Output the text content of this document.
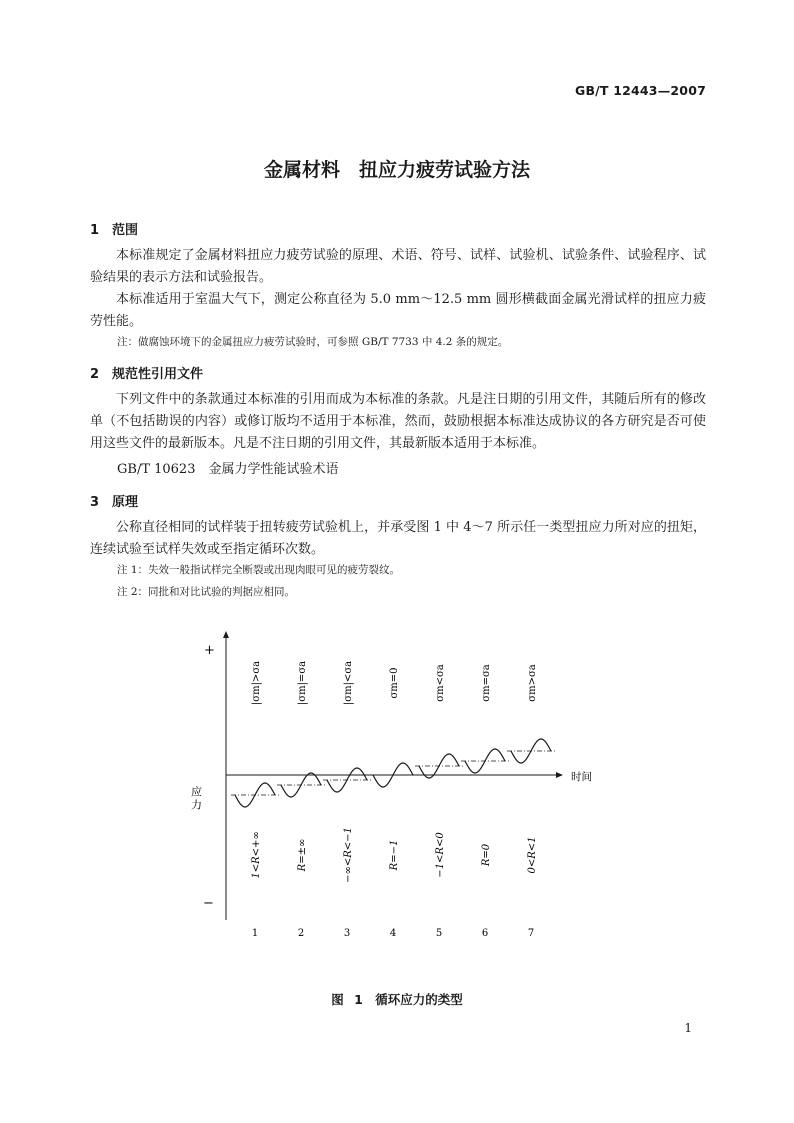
GB/T 12443—2007
金属材料　扭应力疲劳试验方法
1 范围
本标准规定了金属材料扭应力疲劳试验的原理、术语、符号、试样、试验机、试验条件、试验程序、试验结果的表示方法和试验报告。
本标准适用于室温大气下，测定公称直径为 5.0 mm～12.5 mm 圆形横截面金属光滑试样的扭应力疲劳性能。
注：做腐蚀环境下的金属扭应力疲劳试验时，可参照 GB/T 7733 中 4.2 条的规定。
2 规范性引用文件
下列文件中的条款通过本标准的引用而成为本标准的条款。凡是注日期的引用文件，其随后所有的修改单（不包括勘误的内容）或修订版均不适用于本标准，然而，鼓励根据本标准达成协议的各方研究是否可使用这些文件的最新版本。凡是不注日期的引用文件，其最新版本适用于本标准。
GB/T 10623　金属力学性能试验术语
3 原理
公称直径相同的试样装于扭转疲劳试验机上，并承受图 1 中 4～7 所示任一类型扭应力所对应的扭矩，连续试验至试样失效或至指定循环次数。
注 1：失效一般指试样完全断裂或出现肉眼可见的疲劳裂纹。
注 2：同批和对比试验的判据应相同。
+
−
应力
时间
|σm|>σa
1<R<+∞
1
|σm|=σa
R=±∞
2
|σm|<σa
−∞<R<−1
3
σm=0
R=−1
4
σm<σa
−1<R<0
5
σm=σa
R=0
6
σm>σa
0<R<1
7
图 1　循环应力的类型
1
